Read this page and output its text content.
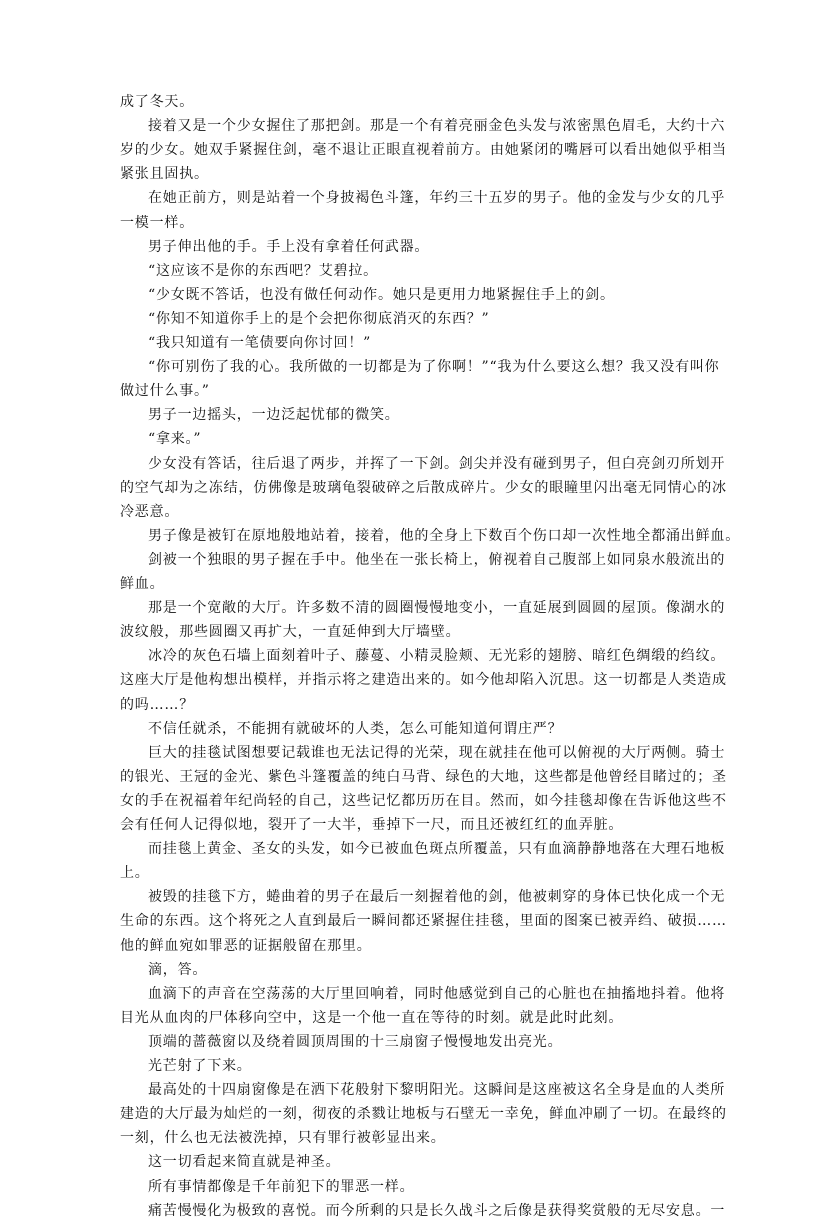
成了冬天。
接着又是一个少女握住了那把剑。那是一个有着亮丽金色头发与浓密黑色眉毛，大约十六
岁的少女。她双手紧握住剑，毫不退让正眼直视着前方。由她紧闭的嘴唇可以看出她似乎相当
紧张且固执。
在她正前方，则是站着一个身披褐色斗篷，年约三十五岁的男子。他的金发与少女的几乎
一模一样。
男子伸出他的手。手上没有拿着任何武器。
“这应该不是你的东西吧？艾碧拉。
“少女既不答话，也没有做任何动作。她只是更用力地紧握住手上的剑。
“你知不知道你手上的是个会把你彻底消灭的东西？”
“我只知道有一笔债要向你讨回！”
“你可别伤了我的心。我所做的一切都是为了你啊！”“我为什么要这么想？我又没有叫你
做过什么事。”
男子一边摇头，一边泛起忧郁的微笑。
“拿来。”
少女没有答话，往后退了两步，并挥了一下剑。剑尖并没有碰到男子，但白亮剑刃所划开
的空气却为之冻结，仿佛像是玻璃龟裂破碎之后散成碎片。少女的眼瞳里闪出毫无同情心的冰
冷恶意。
男子像是被钉在原地般地站着，接着，他的全身上下数百个伤口却一次性地全都涌出鲜血。
剑被一个独眼的男子握在手中。他坐在一张长椅上，俯视着自己腹部上如同泉水般流出的
鲜血。
那是一个宽敞的大厅。许多数不清的圆圈慢慢地变小，一直延展到圆圆的屋顶。像湖水的
波纹般，那些圆圈又再扩大，一直延伸到大厅墙壁。
冰冷的灰色石墙上面刻着叶子、藤蔓、小精灵脸颊、无光彩的翅膀、暗红色绸缎的绉纹。
这座大厅是他构想出模样，并指示将之建造出来的。如今他却陷入沉思。这一切都是人类造成
的吗……？
不信任就杀，不能拥有就破坏的人类，怎么可能知道何谓庄严？
巨大的挂毯试图想要记载谁也无法记得的光荣，现在就挂在他可以俯视的大厅两侧。骑士
的银光、王冠的金光、紫色斗篷覆盖的纯白马背、绿色的大地，这些都是他曾经目睹过的；圣
女的手在祝福着年纪尚轻的自己，这些记忆都历历在目。然而，如今挂毯却像在告诉他这些不
会有任何人记得似地，裂开了一大半，垂掉下一尺，而且还被红红的血弄脏。
而挂毯上黄金、圣女的头发，如今已被血色斑点所覆盖，只有血滴静静地落在大理石地板
上。
被毁的挂毯下方，蜷曲着的男子在最后一刻握着他的剑，他被刺穿的身体已快化成一个无
生命的东西。这个将死之人直到最后一瞬间都还紧握住挂毯，里面的图案已被弄绉、破损……
他的鲜血宛如罪恶的证据般留在那里。
滴，答。
血滴下的声音在空荡荡的大厅里回响着，同时他感觉到自己的心脏也在抽搐地抖着。他将
目光从血肉的尸体移向空中，这是一个他一直在等待的时刻。就是此时此刻。
顶端的蔷薇窗以及绕着圆顶周围的十三扇窗子慢慢地发出亮光。
光芒射了下来。
最高处的十四扇窗像是在洒下花般射下黎明阳光。这瞬间是这座被这名全身是血的人类所
建造的大厅最为灿烂的一刻，彻夜的杀戮让地板与石壁无一幸免，鲜血冲刷了一切。在最终的
一刻，什么也无法被洗掉，只有罪行被彰显出来。
这一切看起来简直就是神圣。
所有事情都像是千年前犯下的罪恶一样。
痛苦慢慢化为极致的喜悦。而今所剩的只是长久战斗之后像是获得奖赏般的无尽安息。一
